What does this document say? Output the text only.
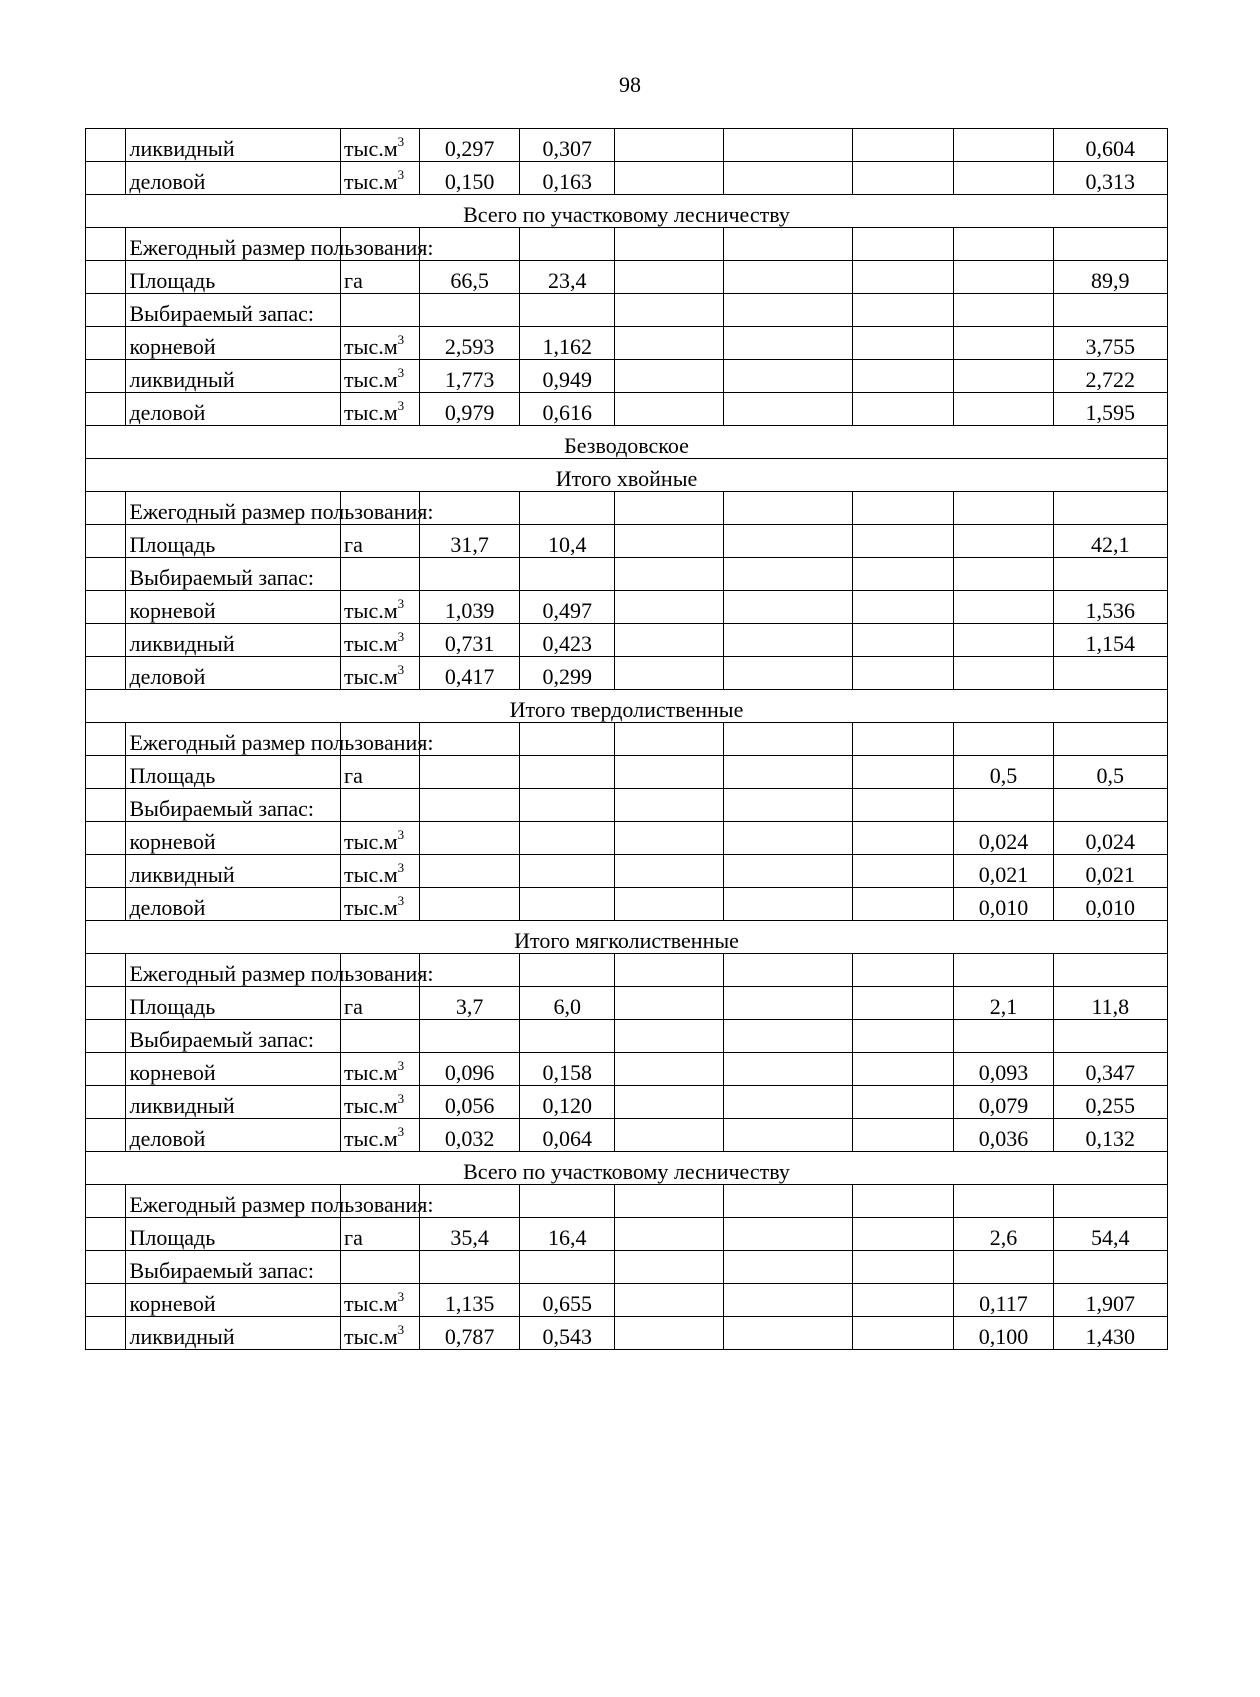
98
	ликвидный	$тыс.м^3$	0,297	0,307					0,604
	деловой	$тыс.м^3$	0,150	0,163					0,313
Всего по участковому лесничеству									
	Ежегодный размер пользования:								
	Площадь	га	66,5	23,4					89,9
	Выбираемый запас:								
	корневой	$тыс.м^3$	2,593	1,162					3,755
	ликвидный	$тыс.м^3$	1,773	0,949					2,722
	деловой	$тыс.м^3$	0,979	0,616					1,595
Безводовское									
Итого хвойные									
	Ежегодный размер пользования:								
	Площадь	га	31,7	10,4					42,1
	Выбираемый запас:								
	корневой	$тыс.м^3$	1,039	0,497					1,536
	ликвидный	$тыс.м^3$	0,731	0,423					1,154
	деловой	$тыс.м^3$	0,417	0,299					
Итого твердолиственные									
	Ежегодный размер пользования:								
	Площадь	га						0,5	0,5
	Выбираемый запас:								
	корневой	$тыс.м^3$						0,024	0,024
	ликвидный	$тыс.м^3$						0,021	0,021
	деловой	$тыс.м^3$						0,010	0,010
Итого мягколиственные									
	Ежегодный размер пользования:								
	Площадь	га	3,7	6,0				2,1	11,8
	Выбираемый запас:								
	корневой	$тыс.м^3$	0,096	0,158				0,093	0,347
	ликвидный	$тыс.м^3$	0,056	0,120				0,079	0,255
	деловой	$тыс.м^3$	0,032	0,064				0,036	0,132
Всего по участковому лесничеству									
	Ежегодный размер пользования:								
	Площадь	га	35,4	16,4				2,6	54,4
	Выбираемый запас:								
	корневой	$тыс.м^3$	1,135	0,655				0,117	1,907
	ликвидный	$тыс.м^3$	0,787	0,543				0,100	1,430
